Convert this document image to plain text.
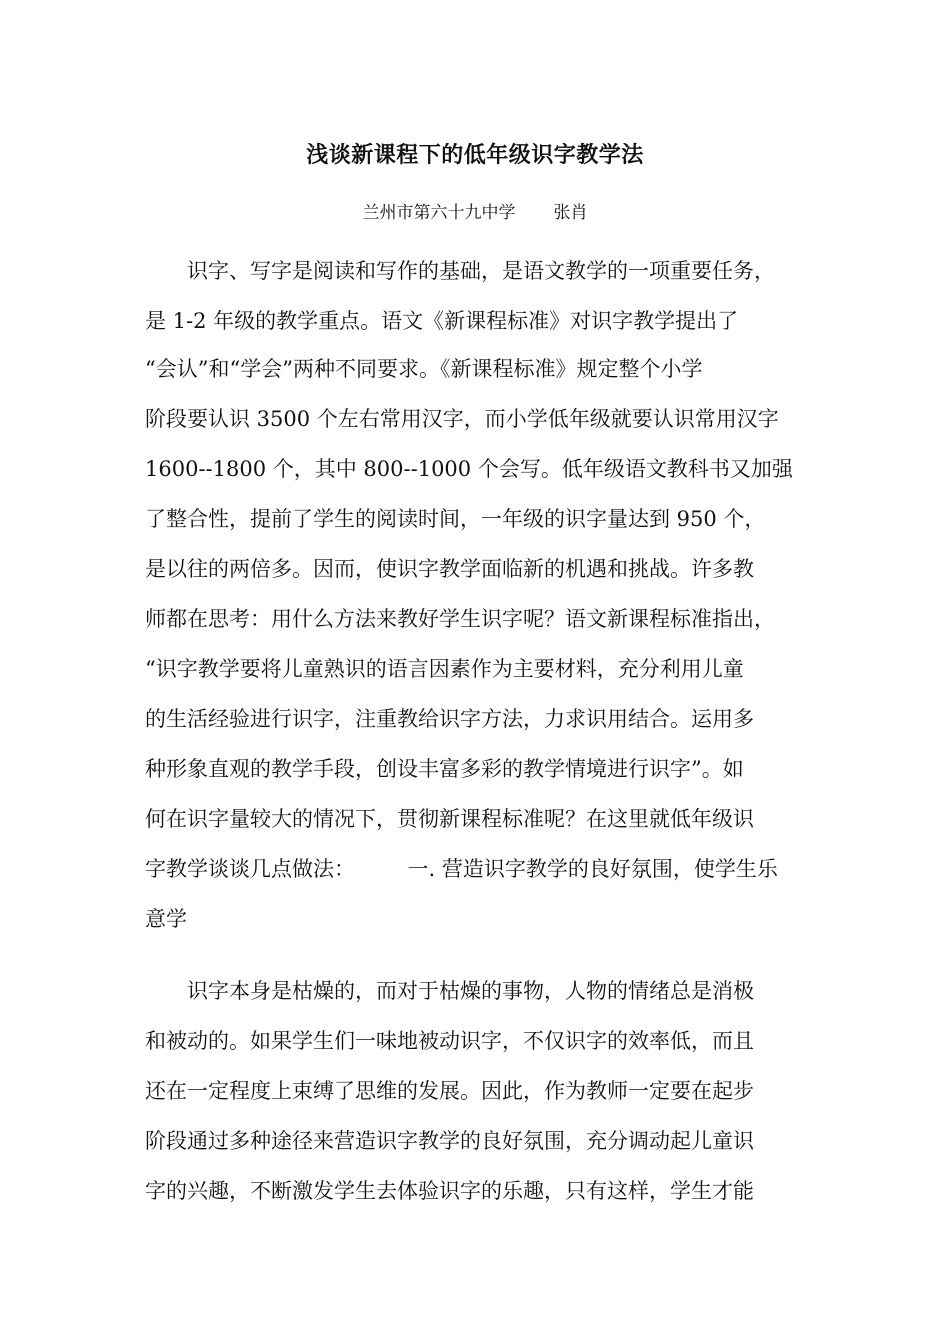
浅谈新课程下的低年级识字教学法
兰州市第六十九中学 张肖
　　识字、写字是阅读和写作的基础，是语文教学的一项重要任务，
是 1-2 年级的教学重点。语文《新课程标准》对识字教学提出了
“会认”和“学会”两种不同要求。《新课程标准》规定整个小学
阶段要认识 3500 个左右常用汉字，而小学低年级就要认识常用汉字
1600--1800 个，其中 800--1000 个会写。低年级语文教科书又加强
了整合性，提前了学生的阅读时间，一年级的识字量达到 950 个，
是以往的两倍多。因而，使识字教学面临新的机遇和挑战。许多教
师都在思考：用什么方法来教好学生识字呢？语文新课程标准指出，
“识字教学要将儿童熟识的语言因素作为主要材料，充分利用儿童
的生活经验进行识字，注重教给识字方法，力求识用结合。运用多
种形象直观的教学手段，创设丰富多彩的教学情境进行识字”。如
何在识字量较大的情况下，贯彻新课程标准呢？在这里就低年级识
字教学谈谈几点做法：　　　一. 营造识字教学的良好氛围，使学生乐
意学
　　识字本身是枯燥的，而对于枯燥的事物，人物的情绪总是消极
和被动的。如果学生们一味地被动识字，不仅识字的效率低，而且
还在一定程度上束缚了思维的发展。因此，作为教师一定要在起步
阶段通过多种途径来营造识字教学的良好氛围，充分调动起儿童识
字的兴趣，不断激发学生去体验识字的乐趣，只有这样，学生才能
